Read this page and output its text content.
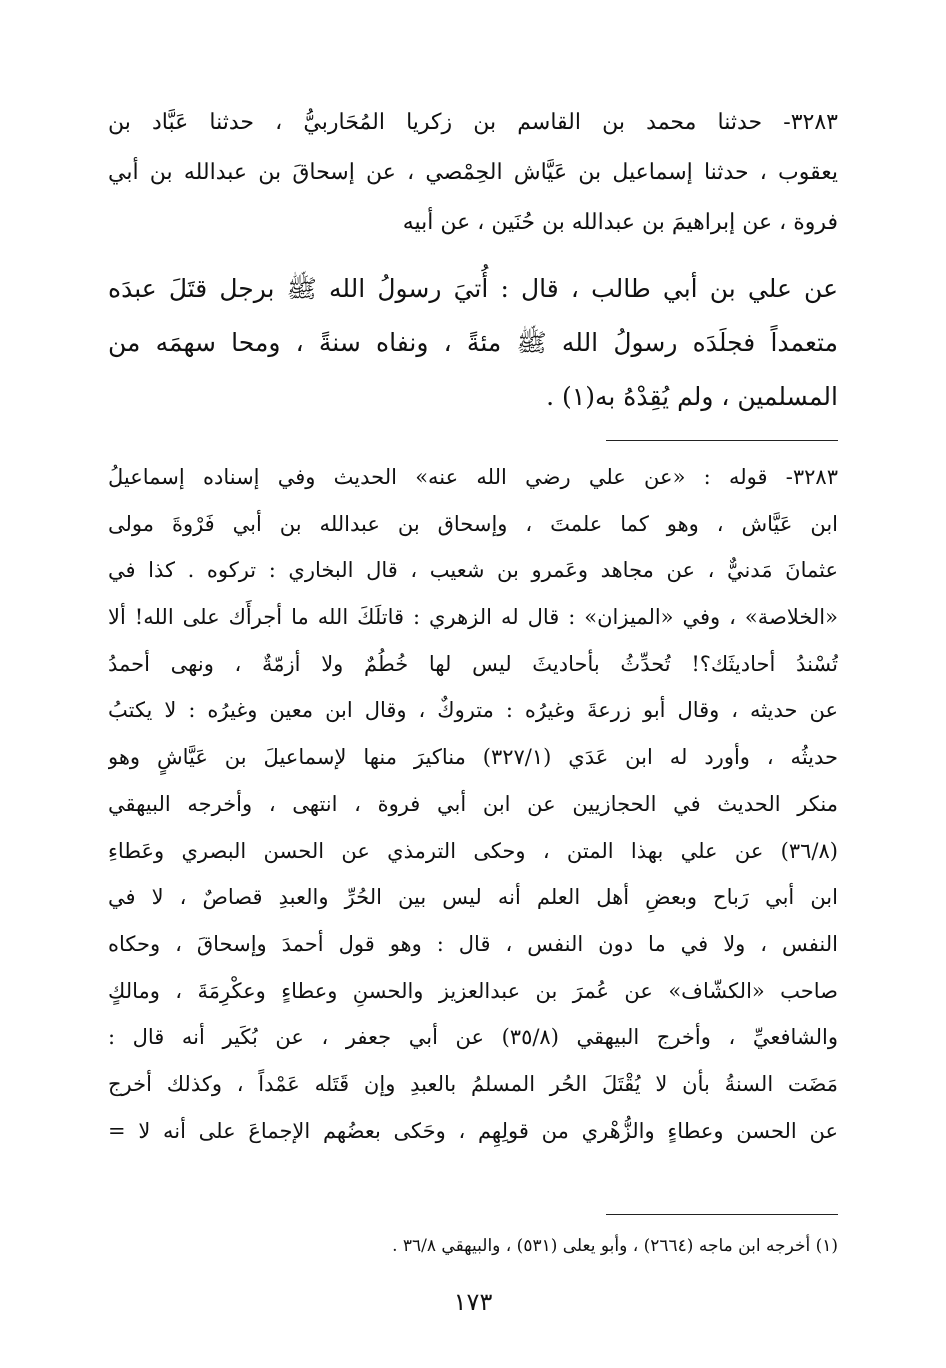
٣٢٨٣- حدثنا محمد بن القاسم بن زكريا المُحَاربيُّ ، حدثنا عَبَّاد بن
يعقوب ، حدثنا إسماعيل بن عَيَّاش الحِمْصي ، عن إسحاقَ بن عبدالله بن أبي
فروة ، عن إبراهيمَ بن عبدالله بن حُنَين ، عن أبيه
عن علي بن أبي طالب ، قال : أُتيَ رسولُ الله ﷺ برجل قتَلَ عبدَه
متعمداً فجلَدَه رسولُ الله ﷺ مئةً ، ونفاه سنةً ، ومحا سهمَه من
المسلمين ، ولم يُقِدْهُ به(١) .
٣٢٨٣- قوله : «عن علي رضي الله عنه» الحديث وفي إسناده إسماعيلُ
ابن عَيَّاش ، وهو كما علمتَ ، وإسحاق بن عبدالله بن أبي فَرْوةَ مولى
عثمانَ مَدنيٌّ ، عن مجاهد وعَمرو بن شعيب ، قال البخاري : تركوه . كذا في
«الخلاصة» ، وفي «الميزان» : قال له الزهري : قاتلَكَ الله ما أجرأَك على الله! ألا
تُسْندُ أحاديثَك؟! تُحدِّثُ بأحاديثَ ليس لها خُطُمٌ ولا أزمّةٌ ، ونهى أحمدُ
عن حديثه ، وقال أبو زرعةَ وغيرُه : متروكٌ ، وقال ابن معين وغيرُه : لا يكتبُ
حديثُه ، وأورد له ابن عَدَي (٣٢٧/١) مناكيرَ منها لإسماعيلَ بن عَيَّاشٍ وهو
منكر الحديث في الحجازيين عن ابن أبي فروة ، انتهى ، وأخرجه البيهقي
(٣٦/٨) عن علي بهذا المتن ، وحكى الترمذي عن الحسن البصري وعَطاءِ
ابن أبي رَباح وبعضِ أهل العلم أنه ليس بين الحُرِّ والعبدِ قصاصٌ ، لا في
النفس ، ولا في ما دون النفس ، قال : وهو قول أحمدَ وإسحاقَ ، وحكاه
صاحب «الكشّاف» عن عُمرَ بن عبدالعزيز والحسنِ وعطاءٍ وعكْرِمَةَ ، ومالكٍ
والشافعيِّ ، وأخرج البيهقي (٣٥/٨) عن أبي جعفر ، عن بُكَير أنه قال :
مَضَت السنةُ بأن لا يُقْتَلَ الحُر المسلمُ بالعبدِ وإن قَتَله عَمْداً ، وكذلك أخرج
عن الحسن وعطاءٍ والزُّهْري من قولِهِم ، وحَكى بعضُهم الإجماعَ على أنه لا =
(١) أخرجه ابن ماجه (٢٦٦٤) ، وأبو يعلى (٥٣١) ، والبيهقي ٣٦/٨ .
١٧٣
